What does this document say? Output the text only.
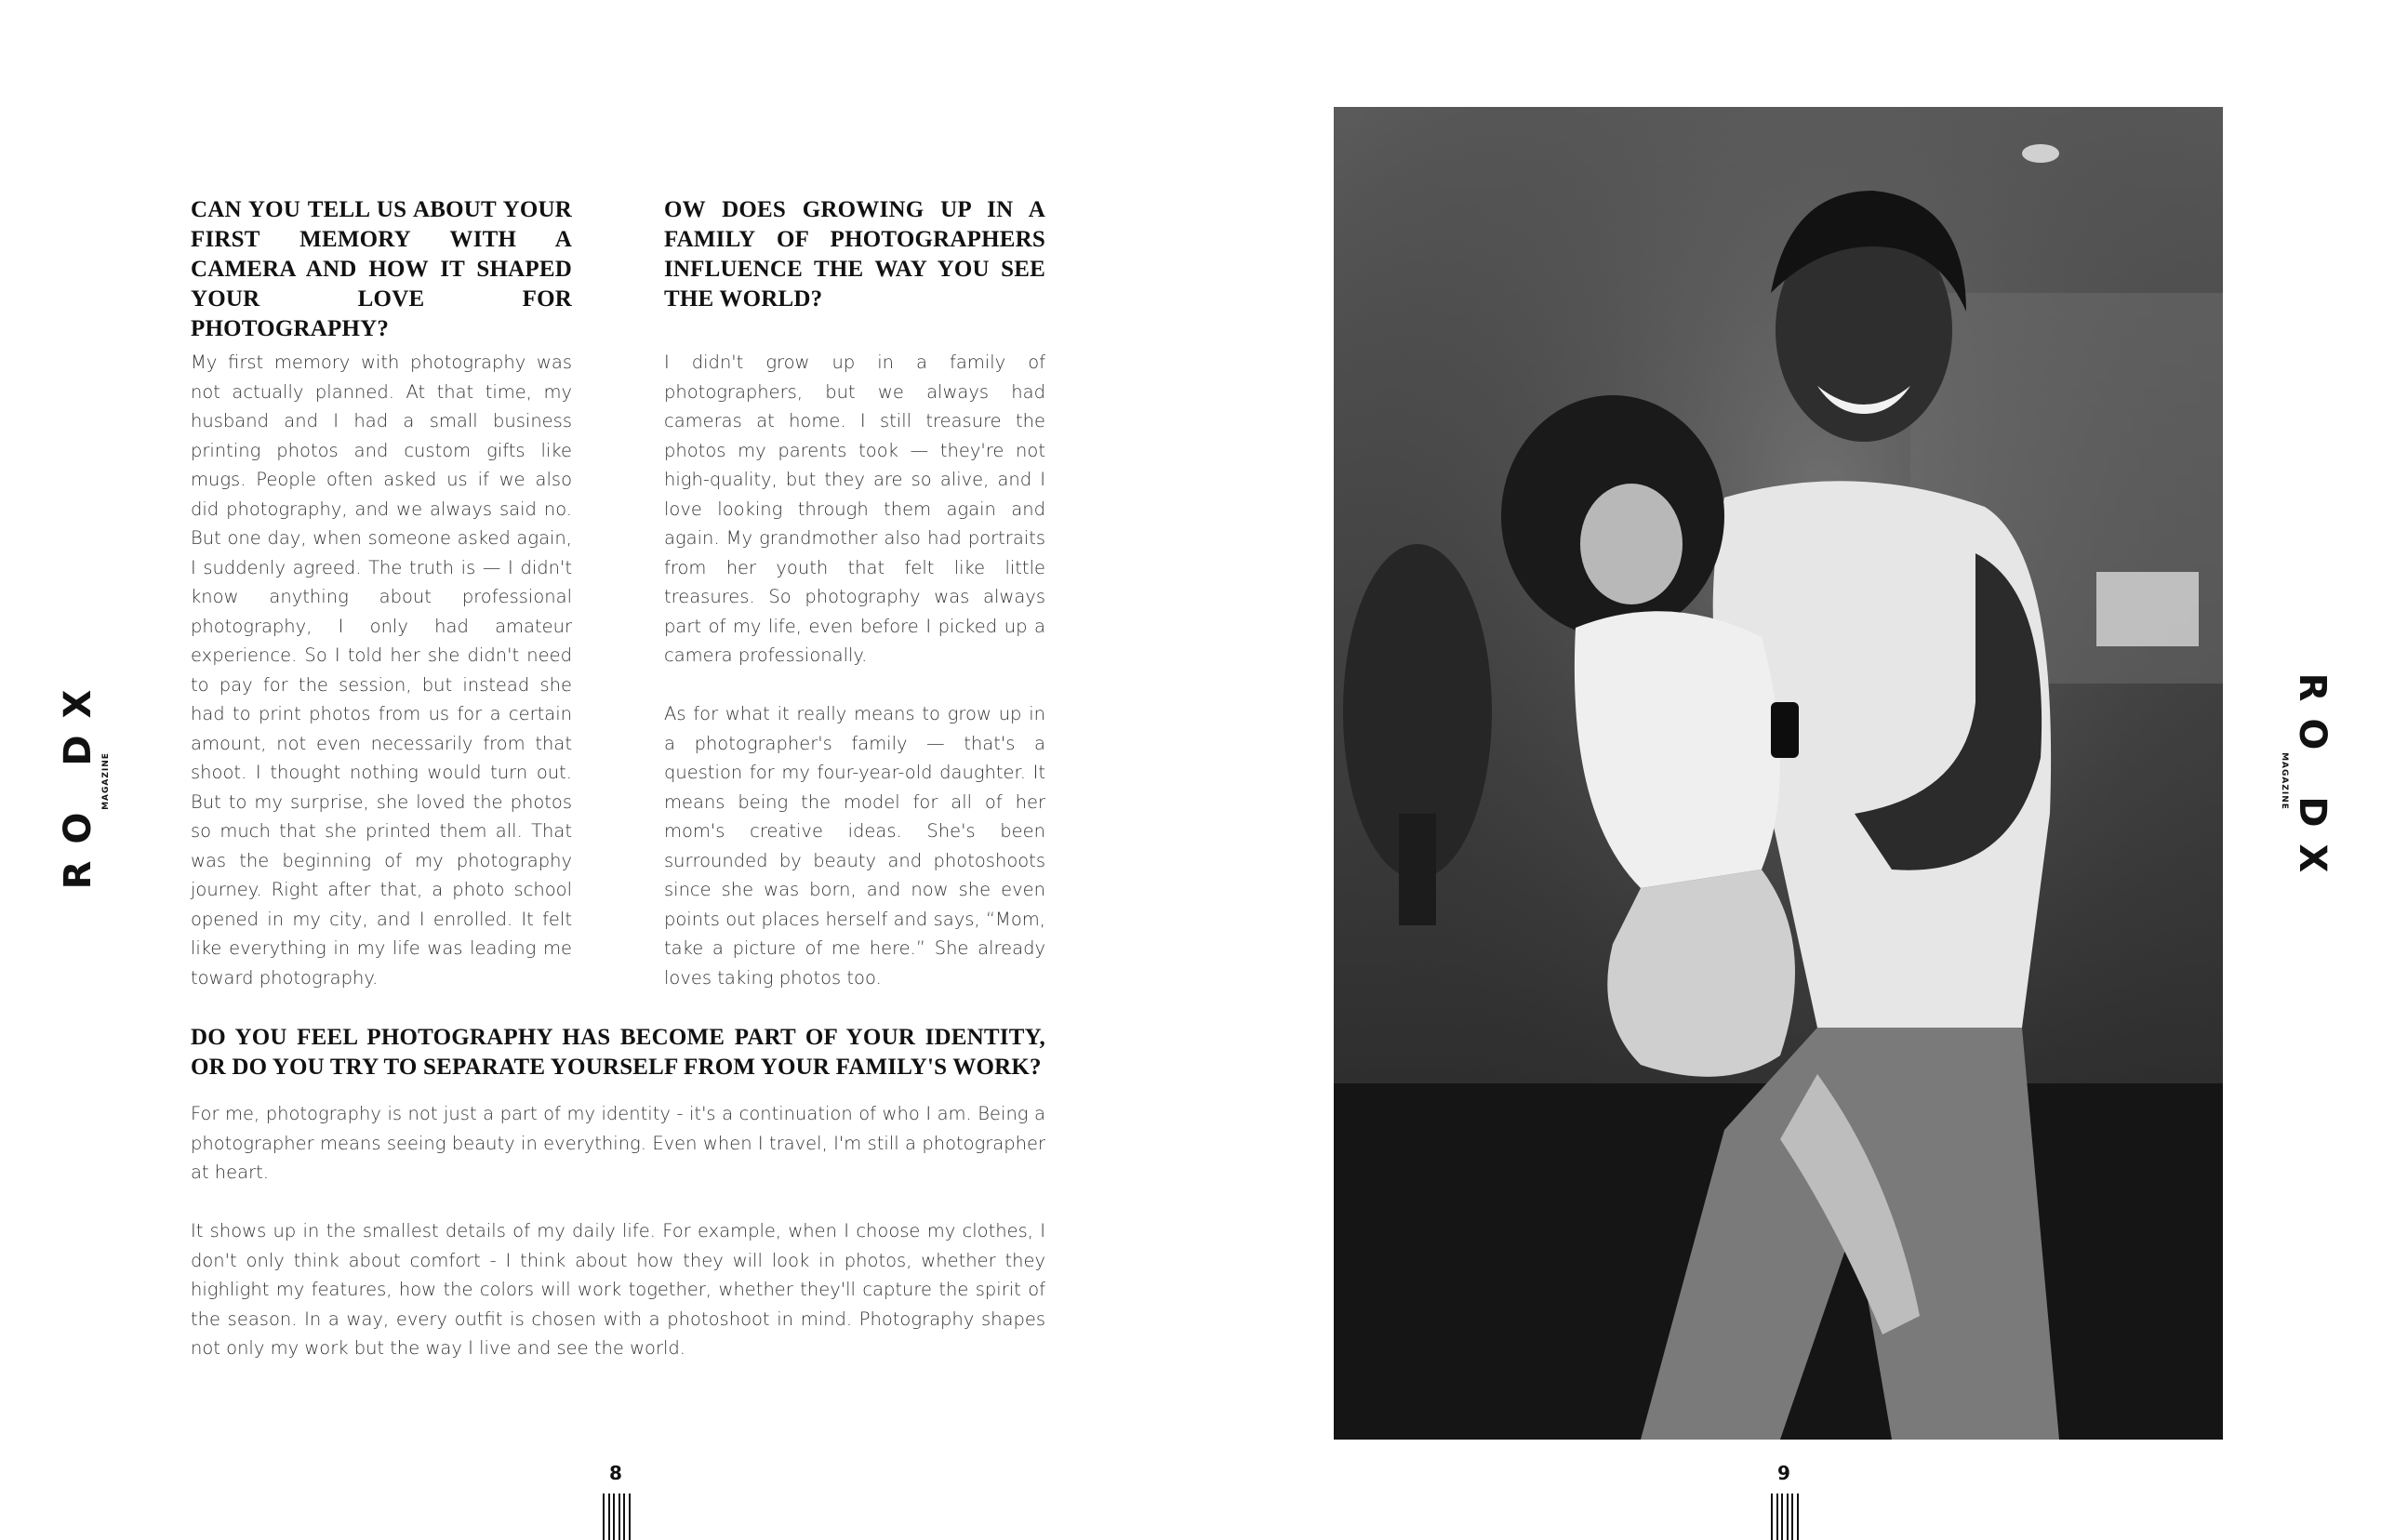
RO DX MAGAZINE
CAN YOU TELL US ABOUT YOUR FIRST MEMORY WITH A CAMERA AND HOW IT SHAPED YOUR LOVE FOR PHOTOGRAPHY?

My first memory with photography was not actually planned. At that time, my husband and I had a small business printing photos and custom gifts like mugs. People often asked us if we also did photography, and we always said no. But one day, when someone asked again, I suddenly agreed. The truth is — I didn't know anything about professional photography, I only had amateur experience. So I told her she didn't need to pay for the session, but instead she had to print photos from us for a certain amount, not even necessarily from that shoot. I thought nothing would turn out. But to my surprise, she loved the photos so much that she printed them all. That was the beginning of my photography journey. Right after that, a photo school opened in my city, and I enrolled. It felt like everything in my life was leading me toward photography.

OW DOES GROWING UP IN A FAMILY OF PHOTOGRAPHERS INFLUENCE THE WAY YOU SEE THE WORLD?

I didn't grow up in a family of photographers, but we always had cameras at home. I still treasure the photos my parents took — they're not high-quality, but they are so alive, and I love looking through them again and again. My grandmother also had portraits from her youth that felt like little treasures. So photography was always part of my life, even before I picked up a camera professionally.

As for what it really means to grow up in a photographer's family — that's a question for my four-year-old daughter. It means being the model for all of her mom's creative ideas. She's been surrounded by beauty and photoshoots since she was born, and now she even points out places herself and says, “Mom, take a picture of me here.” She already loves taking photos too.

DO YOU FEEL PHOTOGRAPHY HAS BECOME PART OF YOUR IDENTITY, OR DO YOU TRY TO SEPARATE YOURSELF FROM YOUR FAMILY'S WORK?

For me, photography is not just a part of my identity - it's a continuation of who I am. Being a photographer means seeing beauty in everything. Even when I travel, I'm still a photographer at heart.

It shows up in the smallest details of my daily life. For example, when I choose my clothes, I don't only think about comfort - I think about how they will look in photos, whether they highlight my features, how the colors will work together, whether they'll capture the spirit of the season. In a way, every outfit is chosen with a photoshoot in mind. Photography shapes not only my work but the way I live and see the world.

8	9
RO DX
MAGAZINE
